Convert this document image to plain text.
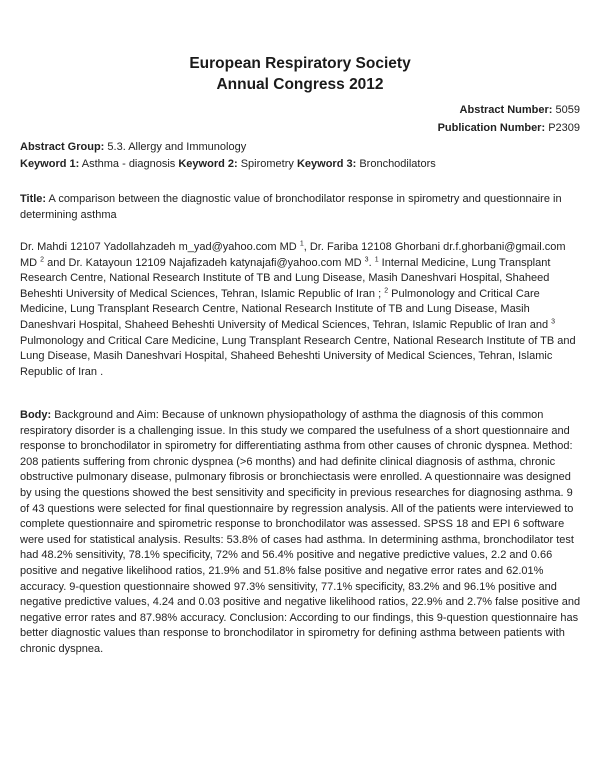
European Respiratory Society
Annual Congress 2012
Abstract Number: 5059
Publication Number: P2309
Abstract Group: 5.3. Allergy and Immunology
Keyword 1: Asthma - diagnosis Keyword 2: Spirometry Keyword 3: Bronchodilators
Title: A comparison between the diagnostic value of bronchodilator response in spirometry and questionnaire in determining asthma
Dr. Mahdi 12107 Yadollahzadeh m_yad@yahoo.com MD $^1$, Dr. Fariba 12108 Ghorbani dr.f.ghorbani@gmail.com MD $^2$ and Dr. Katayoun 12109 Najafizadeh katynajafi@yahoo.com MD $^3$. $^1$ Internal Medicine, Lung Transplant Research Centre, National Research Institute of TB and Lung Disease, Masih Daneshvari Hospital, Shaheed Beheshti University of Medical Sciences, Tehran, Islamic Republic of Iran ; $^2$ Pulmonology and Critical Care Medicine, Lung Transplant Research Centre, National Research Institute of TB and Lung Disease, Masih Daneshvari Hospital, Shaheed Beheshti University of Medical Sciences, Tehran, Islamic Republic of Iran and $^3$ Pulmonology and Critical Care Medicine, Lung Transplant Research Centre, National Research Institute of TB and Lung Disease, Masih Daneshvari Hospital, Shaheed Beheshti University of Medical Sciences, Tehran, Islamic Republic of Iran .
Body: Background and Aim: Because of unknown physiopathology of asthma the diagnosis of this common respiratory disorder is a challenging issue. In this study we compared the usefulness of a short questionnaire and response to bronchodilator in spirometry for differentiating asthma from other causes of chronic dyspnea. Method: 208 patients suffering from chronic dyspnea (>6 months) and had definite clinical diagnosis of asthma, chronic obstructive pulmonary disease, pulmonary fibrosis or bronchiectasis were enrolled. A questionnaire was designed by using the questions showed the best sensitivity and specificity in previous researches for diagnosing asthma. 9 of 43 questions were selected for final questionnaire by regression analysis. All of the patients were interviewed to complete questionnaire and spirometric response to bronchodilator was assessed. SPSS 18 and EPI 6 software were used for statistical analysis. Results: 53.8% of cases had asthma. In determining asthma, bronchodilator test had 48.2% sensitivity, 78.1% specificity, 72% and 56.4% positive and negative predictive values, 2.2 and 0.66 positive and negative likelihood ratios, 21.9% and 51.8% false positive and negative error rates and 62.01% accuracy. 9-question questionnaire showed 97.3% sensitivity, 77.1% specificity, 83.2% and 96.1% positive and negative predictive values, 4.24 and 0.03 positive and negative likelihood ratios, 22.9% and 2.7% false positive and negative error rates and 87.98% accuracy. Conclusion: According to our findings, this 9-question questionnaire has better diagnostic values than response to bronchodilator in spirometry for defining asthma between patients with chronic dyspnea.
